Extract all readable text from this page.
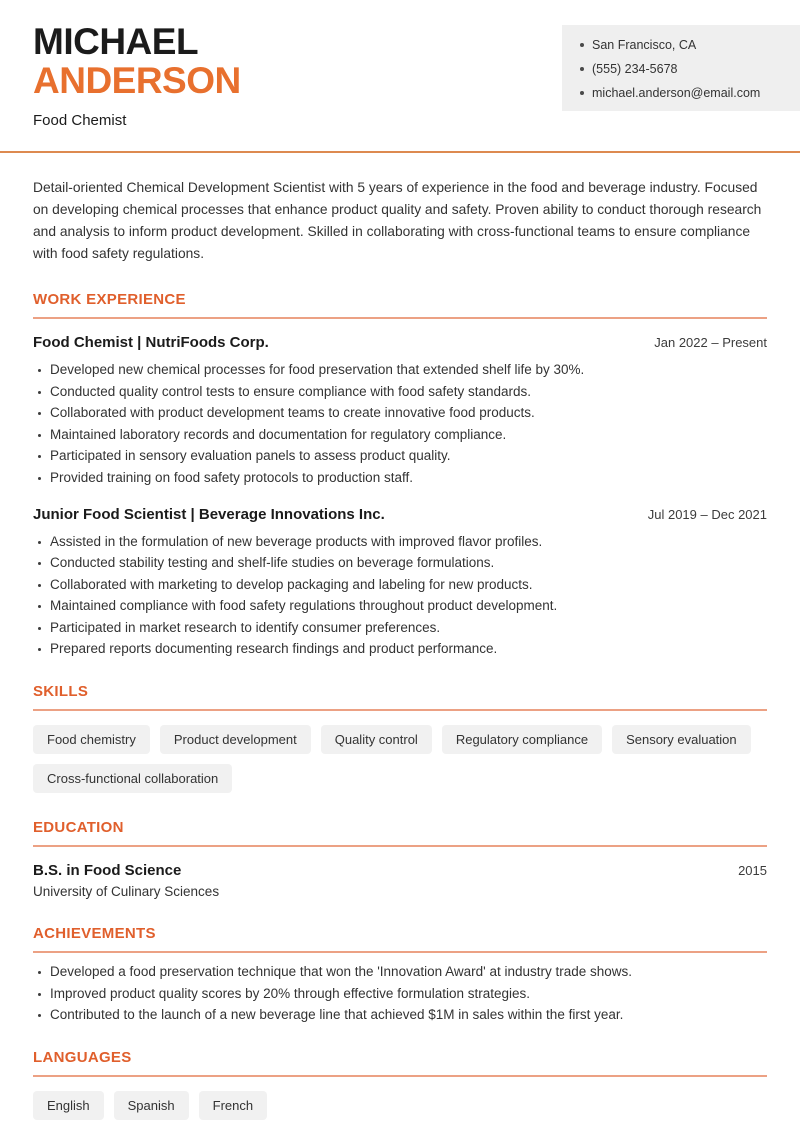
MICHAEL
ANDERSON
Food Chemist
San Francisco, CA
(555) 234-5678
michael.anderson@email.com

Detail-oriented Chemical Development Scientist with 5 years of experience in the food and beverage industry. Focused on developing chemical processes that enhance product quality and safety. Proven ability to conduct thorough research and analysis to inform product development. Skilled in collaborating with cross-functional teams to ensure compliance with food safety regulations.

WORK EXPERIENCE
Food Chemist | NutriFoods Corp.	Jan 2022 – Present
Developed new chemical processes for food preservation that extended shelf life by 30%.
Conducted quality control tests to ensure compliance with food safety standards.
Collaborated with product development teams to create innovative food products.
Maintained laboratory records and documentation for regulatory compliance.
Participated in sensory evaluation panels to assess product quality.
Provided training on food safety protocols to production staff.
Junior Food Scientist | Beverage Innovations Inc.	Jul 2019 – Dec 2021
Assisted in the formulation of new beverage products with improved flavor profiles.
Conducted stability testing and shelf-life studies on beverage formulations.
Collaborated with marketing to develop packaging and labeling for new products.
Maintained compliance with food safety regulations throughout product development.
Participated in market research to identify consumer preferences.
Prepared reports documenting research findings and product performance.
SKILLS
Food chemistry	Product development	Quality control	Regulatory compliance	Sensory evaluation
Cross-functional collaboration
EDUCATION
B.S. in Food Science	2015
University of Culinary Sciences
ACHIEVEMENTS
Developed a food preservation technique that won the 'Innovation Award' at industry trade shows.
Improved product quality scores by 20% through effective formulation strategies.
Contributed to the launch of a new beverage line that achieved $1M in sales within the first year.
LANGUAGES
English	Spanish	French
